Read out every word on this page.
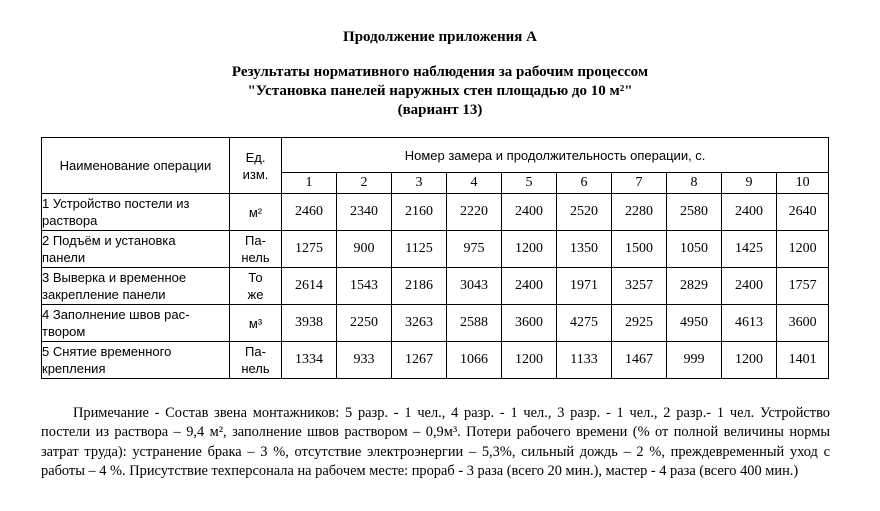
Продолжение приложения А
Результаты нормативного наблюдения за рабочим процессом
"Установка панелей наружных стен площадью до 10 м²"
(вариант 13)
Наименование операции	Ед.
изм.	Номер замера и продолжительность операции, с.									
		1	2	3	4	5	6	7	8	9	10
1 Устройство постели из
раствора	м²	2460	2340	2160	2220	2400	2520	2280	2580	2400	2640
2 Подъём и установка
панели	Па-
нель	1275	900	1125	975	1200	1350	1500	1050	1425	1200
3 Выверка и временное
закрепление панели	То
же	2614	1543	2186	3043	2400	1971	3257	2829	2400	1757
4 Заполнение швов рас-
твором	м³	3938	2250	3263	2588	3600	4275	2925	4950	4613	3600
5 Снятие временного
крепления	Па-
нель	1334	933	1267	1066	1200	1133	1467	999	1200	1401

Примечание - Состав звена монтажников: 5 разр. - 1 чел., 4 разр. - 1 чел., 3 разр. - 1 чел., 2 разр.- 1 чел. Устройство постели из раствора – 9,4 м², заполнение швов раствором – 0,9м³. Потери рабочего времени (% от полной величины нормы затрат труда): устранение брака – 3 %, отсутствие электроэнергии – 5,3%, сильный дождь – 2 %, преждевременный уход с работы – 4 %. Присутствие техперсонала на рабочем месте: прораб - 3 раза (всего 20 мин.), мастер - 4 раза (всего 400 мин.)
